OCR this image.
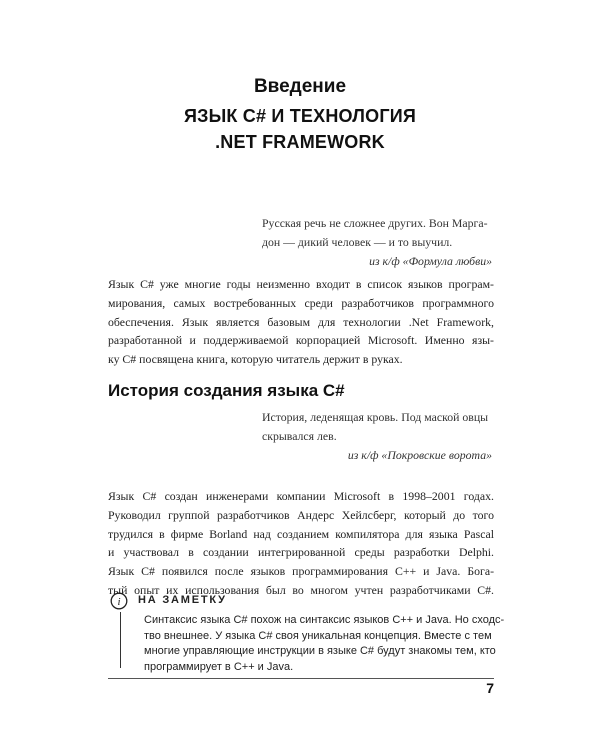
Введение
ЯЗЫК C# И ТЕХНОЛОГИЯ
.NET FRAMEWORK
Русская речь не сложнее других. Вон Марга-
дон — дикий человек — и то выучил.
из к/ф «Формула любви»
Язык C# уже многие годы неизменно входит в список языков програм-
мирования, самых востребованных среди разработчиков программного
обеспечения. Язык является базовым для технологии .Net Framework,
разработанной и поддерживаемой корпорацией Microsoft. Именно язы-
ку C# посвящена книга, которую читатель держит в руках.
История создания языка C#
История, леденящая кровь. Под маской овцы
скрывался лев.
из к/ф «Покровские ворота»
Язык C# создан инженерами компании Microsoft в 1998–2001 годах.
Руководил группой разработчиков Андерс Хейлсберг, который до того
трудился в фирме Borland над созданием компилятора для языка Pascal
и участвовал в создании интегрированной среды разработки Delphi.
Язык C# появился после языков программирования C++ и Java. Бога-
тый опыт их использования был во многом учтен разработчиками C#.
i НА ЗАМЕТКУ
Синтаксис языка C# похож на синтаксис языков C++ и Java. Но сходс-
тво внешнее. У языка C# своя уникальная концепция. Вместе с тем
многие управляющие инструкции в языке C# будут знакомы тем, кто
программирует в C++ и Java.
7
